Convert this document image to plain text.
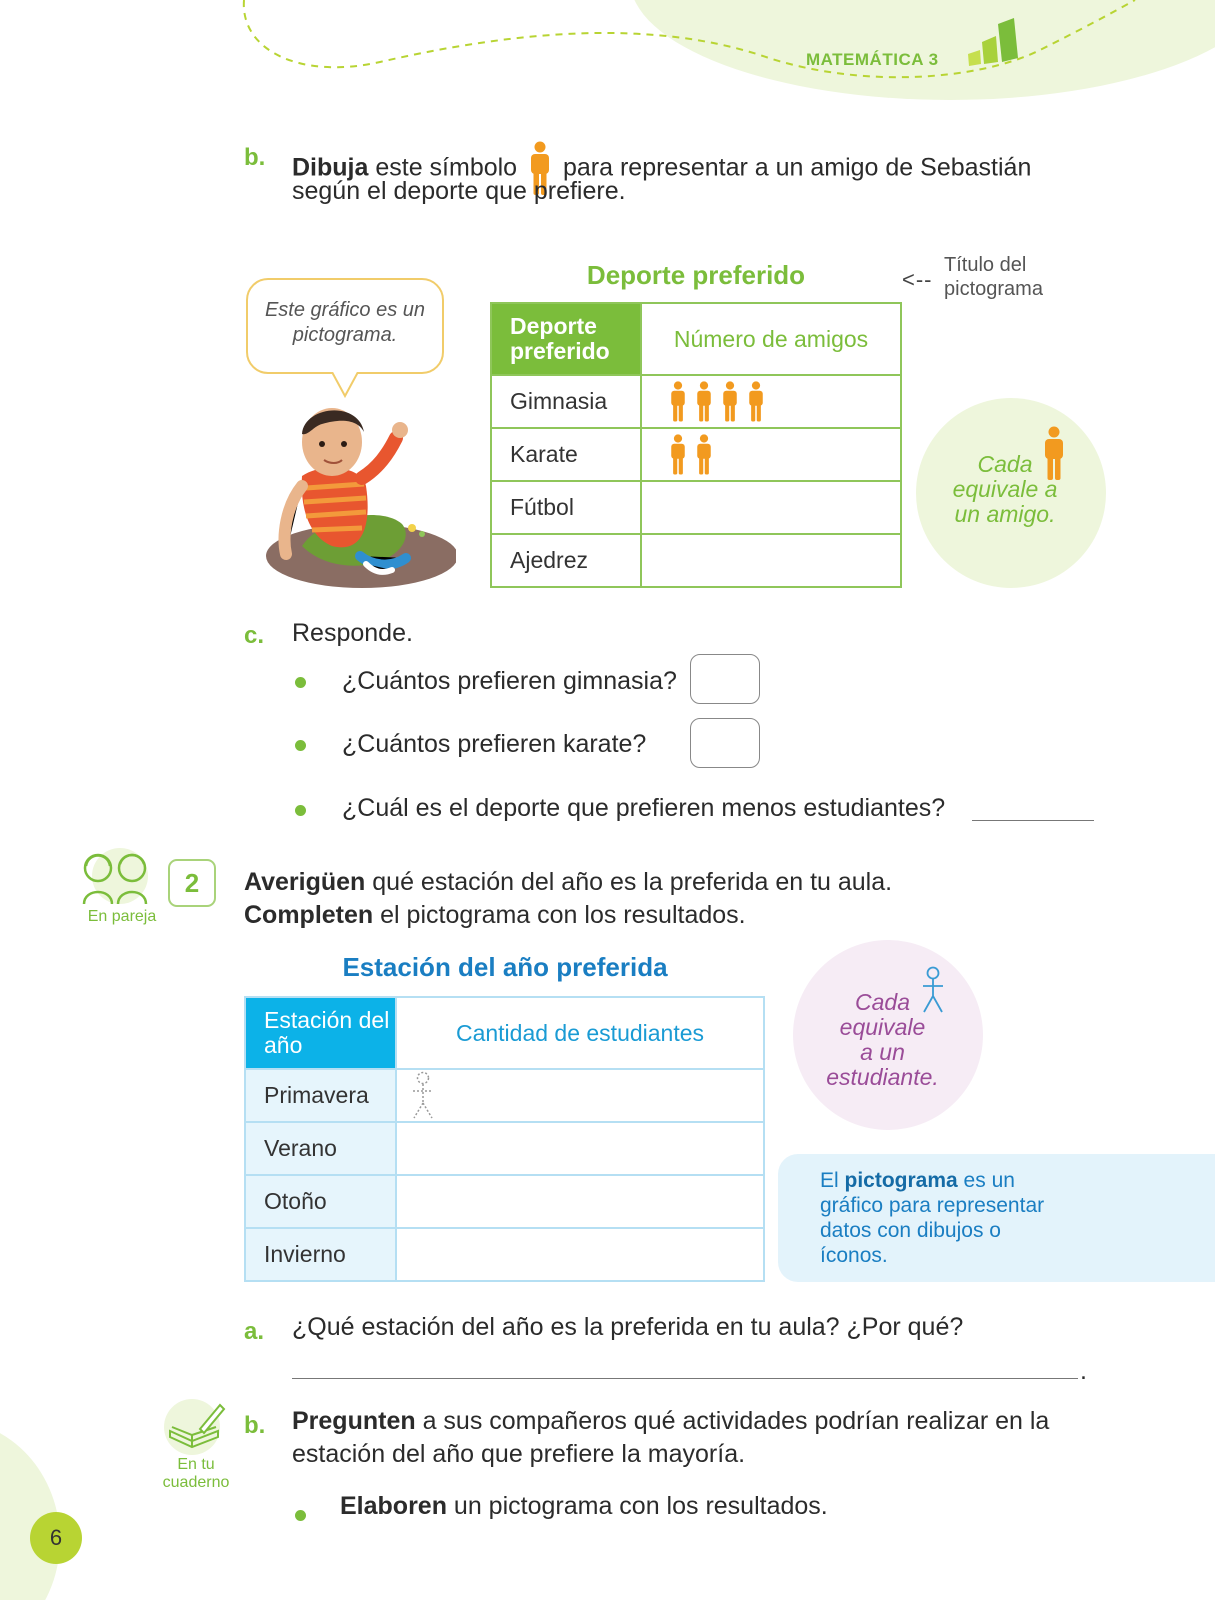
MATEMÁTICA 3
b. Dibuja este símbolo  para representar a un amigo de Sebastián
según el deporte que prefiere.
Este gráfico es un pictograma.
Deporte preferido
Deporte preferido	Número de amigos
Gimnasia	
Karate	
Fútbol	
Ajedrez	
<--
Título del
pictograma
Cada
equivale a
un amigo.
c. Responde.
¿Cuántos prefieren gimnasia?
¿Cuántos prefieren karate?
¿Cuál es el deporte que prefieren menos estudiantes?
En pareja
2	Averigüen qué estación del año es la preferida en tu aula.
Completen el pictograma con los resultados.
Estación del año preferida
Estación del año	Cantidad de estudiantes
Primavera	
Verano	
Otoño	
Invierno	
Cada
equivale
a un
estudiante.
El pictograma es un gráfico para representar datos con dibujos o íconos.
a. ¿Qué estación del año es la preferida en tu aula? ¿Por qué?
.
En tu
cuaderno
b. Pregunten a sus compañeros qué actividades podrían realizar en la
estación del año que prefiere la mayoría.
Elaboren un pictograma con los resultados.
6
